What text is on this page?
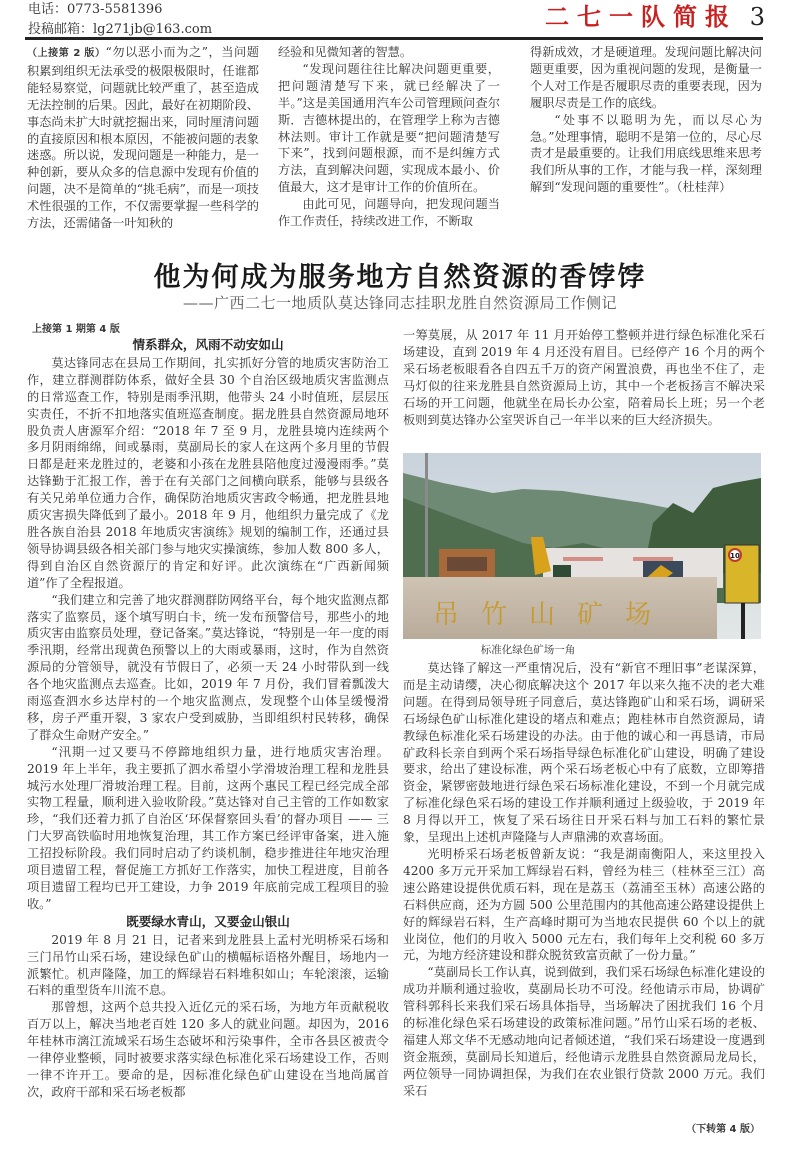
电话：0773-5581396
投稿邮箱：lg271jb@163.com	二七一队简报 3

（上接第 2 版）“勿以恶小而为之”，当问题积累到组织无法承受的极限极限时，任谁都能轻易察觉，问题就比较严重了，甚至造成无法控制的后果。因此，最好在初期阶段、事态尚未扩大时就挖掘出来，同时厘清问题的直接原因和根本原因，不能被问题的表象迷惑。所以说，发现问题是一种能力，是一种创新，要从众多的信息源中发现有价值的问题，决不是简单的“挑毛病”，而是一项技术性很强的工作，不仅需要掌握一些科学的方法，还需储备一叶知秋的

经验和见微知著的智慧。

“发现问题往往比解决问题更重要，把问题清楚写下来，就已经解决了一半。”这是美国通用汽车公司管理顾问查尔斯．吉德林提出的，在管理学上称为吉德林法则。审计工作就是要“把问题清楚写下来”，找到问题根源，而不是纠缠方式方法，直到解决问题，实现成本最小、价值最大，这才是审计工作的价值所在。

由此可见，问题导向，把发现问题当作工作责任，持续改进工作，不断取

得新成效，才是硬道理。发现问题比解决问题更重要，因为重视问题的发现，是衡量一个人对工作是否履职尽责的重要表现，因为履职尽责是工作的底线。

“处事不以聪明为先，而以尽心为急。”处理事情，聪明不是第一位的，尽心尽责才是最重要的。让我们用底线思维来思考我们所从事的工作，才能与我一样，深刻理解到“发现问题的重要性”。（杜桂萍）

他为何成为服务地方自然资源的香饽饽
——广西二七一地质队莫达锋同志挂职龙胜自然资源局工作侧记
上接第 1 期第 4 版

情系群众，风雨不动安如山

莫达锋同志在县局工作期间，扎实抓好分管的地质灾害防治工作，建立群测群防体系，做好全县 30 个自治区级地质灾害监测点的日常巡查工作，特别是雨季汛期，他带头 24 小时值班，层层压实责任，不折不扣地落实值班巡查制度。据龙胜县自然资源局地环股负责人唐源军介绍：“2018 年 7 至 9 月，龙胜县境内连续两个多月阴雨绵绵，间或暴雨，莫副局长的家人在这两个多月里的节假日都是赶来龙胜过的，老婆和小孩在龙胜县陪他度过漫漫雨季。”莫达锋勤于汇报工作，善于在有关部门之间横向联系，能够与县级各有关兄弟单位通力合作，确保防治地质灾害政令畅通，把龙胜县地质灾害损失降低到了最小。2018 年 9 月，他组织力量完成了《龙胜各族自治县 2018 年地质灾害演练》规划的编制工作，还通过县领导协调县级各相关部门参与地灾实操演练，参加人数 800 多人，得到自治区自然资源厅的肯定和好评。此次演练在“广西新闻频道”作了全程报道。

“我们建立和完善了地灾群测群防网络平台，每个地灾监测点都落实了监察员，逐个填写明白卡，统一发布预警信号，那些小的地质灾害由监察员处理，登记备案。”莫达锋说，“特别是一年一度的雨季汛期，经常出现黄色预警以上的大雨或暴雨，这时，作为自然资源局的分管领导，就没有节假日了，必须一天 24 小时带队到一线各个地灾监测点去巡查。比如，2019 年 7 月份，我们冒着瓢泼大雨巡查泗水乡达岸村的一个地灾监测点，发现整个山体呈缓慢滑移，房子严重开裂，3 家农户受到威胁，当即组织村民转移，确保了群众生命财产安全。”

“汛期一过又要马不停蹄地组织力量，进行地质灾害治理。2019 年上半年，我主要抓了泗水希望小学滑坡治理工程和龙胜县城污水处理厂滑坡治理工程。目前，这两个惠民工程已经完成全部实物工程量，顺利进入验收阶段。”莫达锋对自己主管的工作如数家珍，“我们还着力抓了自治区‘环保督察回头看’的督办项目 —— 三门大罗高铁临时用地恢复治理，其工作方案已经评审备案，进入施工招投标阶段。我们同时启动了约谈机制，稳步推进往年地灾治理项目遗留工程，督促施工方抓好工作落实，加快工程进度，目前各项目遗留工程均已开工建设，力争 2019 年底前完成工程项目的验收。”

既要绿水青山，又要金山银山

2019 年 8 月 21 日，记者来到龙胜县上孟村光明桥采石场和三门吊竹山采石场，建设绿色矿山的横幅标语格外醒目，场地内一派繁忙。机声隆隆，加工的辉绿岩石料堆积如山；车轮滚滚，运输石料的重型货车川流不息。

那曾想，这两个总共投入近亿元的采石场，为地方年贡献税收百万以上，解决当地老百姓 120 多人的就业问题。却因为，2016 年桂林市漓江流域采石场生态破坏和污染事件，全市各县区被责令一律停业整顿，同时被要求落实绿色标准化采石场建设工作，否则一律不许开工。要命的是，因标准化绿色矿山建设在当地尚属首次，政府干部和采石场老板都

一筹莫展，从 2017 年 11 月开始停工整顿并进行绿色标准化采石场建设，直到 2019 年 4 月还没有眉目。已经停产 16 个月的两个采石场老板眼看各自四五千万的资产闲置浪费，再也坐不住了，走马灯似的往来龙胜县自然资源局上访，其中一个老板扬言不解决采石场的开工问题，他就坐在局长办公室，陪着局长上班；另一个老板则到莫达锋办公室哭诉自己一年半以来的巨大经济损失。

吊竹山矿场
10
标准化绿色矿场一角

莫达锋了解这一严重情况后，没有“新官不理旧事”老谋深算，而是主动请缨，决心彻底解决这个 2017 年以来久拖不决的老大难问题。在得到局领导班子同意后，莫达锋跑矿山和采石场，调研采石场绿色矿山标准化建设的堵点和难点；跑桂林市自然资源局，请教绿色标准化采石场建设的办法。由于他的诚心和一再恳请，市局矿政科长亲自到两个采石场指导绿色标准化矿山建设，明确了建设要求，给出了建设标准，两个采石场老板心中有了底数，立即筹措资金，紧锣密鼓地进行绿色采石场标准化建设，不到一个月就完成了标准化绿色采石场的建设工作并顺利通过上级验收，于 2019 年 8 月得以开工，恢复了采石场往日开采石料与加工石料的繁忙景象，呈现出上述机声隆隆与人声鼎沸的欢喜场面。

光明桥采石场老板曾新友说：“我是湖南衡阳人，来这里投入 4200 多万元开采加工辉绿岩石料，曾经为桂三（桂林至三江）高速公路建设提供优质石料，现在是荔玉（荔浦至玉林）高速公路的石料供应商，还为方圆 500 公里范围内的其他高速公路建设提供上好的辉绿岩石料，生产高峰时期可为当地农民提供 60 个以上的就业岗位，他们的月收入 5000 元左右，我们每年上交利税 60 多万元，为地方经济建设和群众脱贫致富贡献了一份力量。”

“莫副局长工作认真，说到做到，我们采石场绿色标准化建设的成功并顺利通过验收，莫副局长功不可没。经他请示市局，协调矿管科郭科长来我们采石场具体指导，当场解决了困扰我们 16 个月的标准化绿色采石场建设的政策标准问题。”吊竹山采石场的老板、福建人郑文华不无感动地向记者倾述道，“我们采石场建设一度遇到资金瓶颈，莫副局长知道后，经他请示龙胜县自然资源局龙局长，两位领导一同协调担保，为我们在农业银行贷款 2000 万元。我们采石

（下转第 4 版）
